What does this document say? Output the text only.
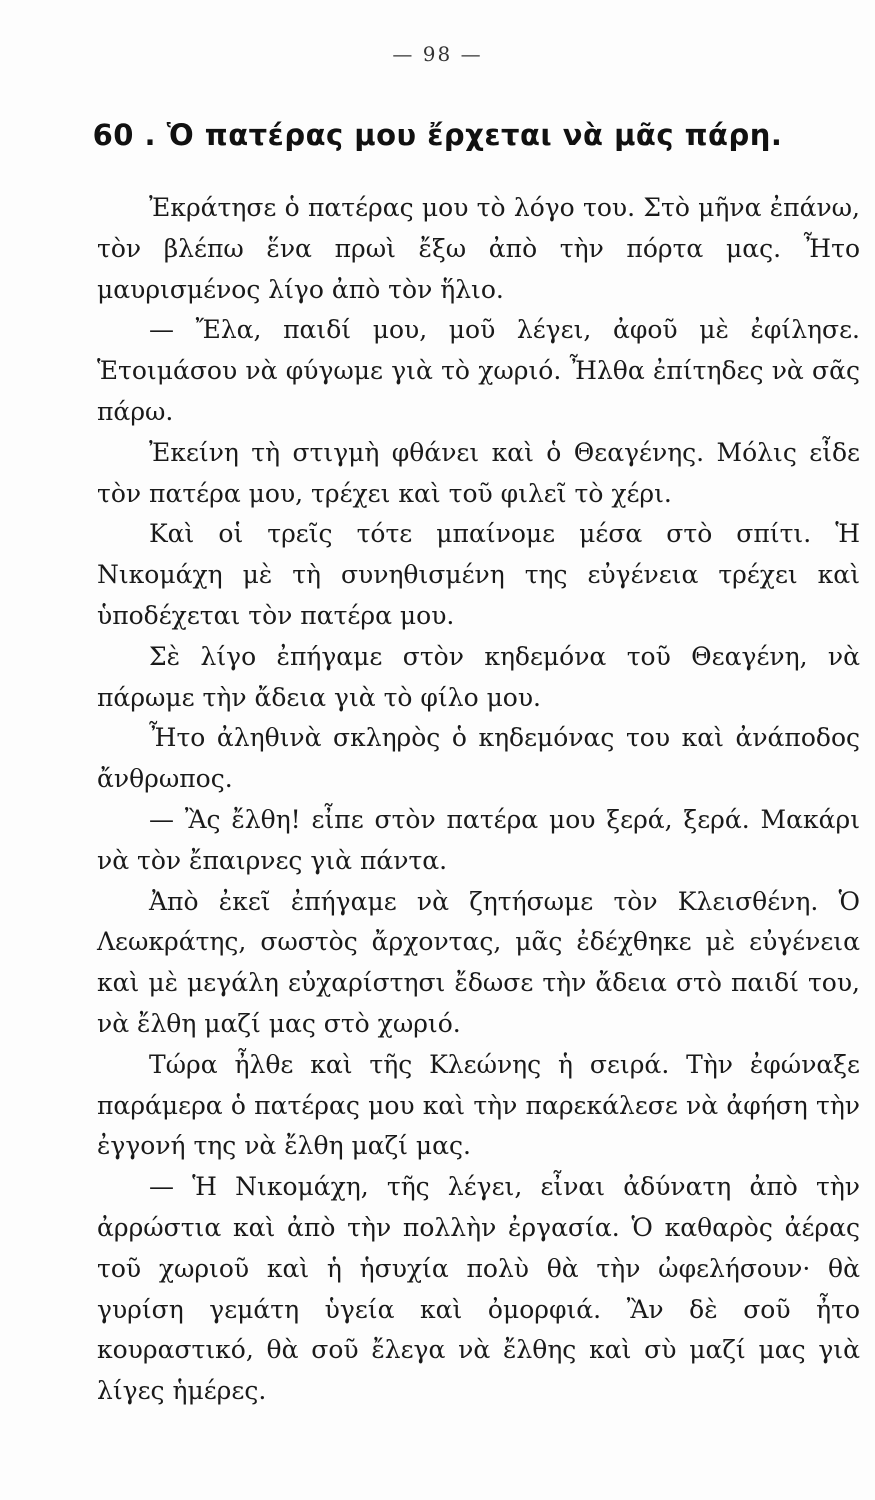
— 98 —
60 . Ὁ πατέρας μου ἔρχεται νὰ μᾶς πάρη.

Ἐκράτησε ὁ πατέρας μου τὸ λόγο του. Στὸ μῆνα ἐπάνω, τὸν βλέπω ἕνα πρωὶ ἔξω ἀπὸ τὴν πόρτα μας. Ἦτο μαυρισμένος λίγο ἀπὸ τὸν ἥλιο.

— Ἔλα, παιδί μου, μοῦ λέγει, ἀφοῦ μὲ ἐφίλησε. Ἑτοιμάσου νὰ φύγωμε γιὰ τὸ χωριό. Ἦλθα ἐπίτηδες νὰ σᾶς πάρω.

Ἐκείνη τὴ στιγμὴ φθάνει καὶ ὁ Θεαγένης. Μόλις εἶδε τὸν πατέρα μου, τρέχει καὶ τοῦ φιλεῖ τὸ χέρι.

Καὶ οἱ τρεῖς τότε μπαίνομε μέσα στὸ σπίτι. Ἡ Νικομάχη μὲ τὴ συνηθισμένη της εὐγένεια τρέχει καὶ ὑποδέχεται τὸν πατέρα μου.

Σὲ λίγο ἐπήγαμε στὸν κηδεμόνα τοῦ Θεαγένη, νὰ πάρωμε τὴν ἄδεια γιὰ τὸ φίλο μου.

Ἦτο ἀληθινὰ σκληρὸς ὁ κηδεμόνας του καὶ ἀνάποδος ἄνθρωπος.

— Ἂς ἔλθη! εἶπε στὸν πατέρα μου ξερά, ξερά. Μακάρι νὰ τὸν ἔπαιρνες γιὰ πάντα.

Ἀπὸ ἐκεῖ ἐπήγαμε νὰ ζητήσωμε τὸν Κλεισθένη. Ὁ Λεωκράτης, σωστὸς ἄρχοντας, μᾶς ἐδέχθηκε μὲ εὐγένεια καὶ μὲ μεγάλη εὐχαρίστησι ἔδωσε τὴν ἄδεια στὸ παιδί του, νὰ ἔλθη μαζί μας στὸ χωριό.

Τώρα ἦλθε καὶ τῆς Κλεώνης ἡ σειρά. Τὴν ἐφώναξε παράμερα ὁ πατέρας μου καὶ τὴν παρεκάλεσε νὰ ἀφήση τὴν ἐγγονή της νὰ ἔλθη μαζί μας.

— Ἡ Νικομάχη, τῆς λέγει, εἶναι ἀδύνατη ἀπὸ τὴν ἀρρώστια καὶ ἀπὸ τὴν πολλὴν ἐργασία. Ὁ καθαρὸς ἀέρας τοῦ χωριοῦ καὶ ἡ ἡσυχία πολὺ θὰ τὴν ὠφελήσουν· θὰ γυρίση γεμάτη ὑγεία καὶ ὀμορφιά. Ἂν δὲ σοῦ ἦτο κουραστικό, θὰ σοῦ ἔλεγα νὰ ἔλθης καὶ σὺ μαζί μας γιὰ λίγες ἡμέρες.
